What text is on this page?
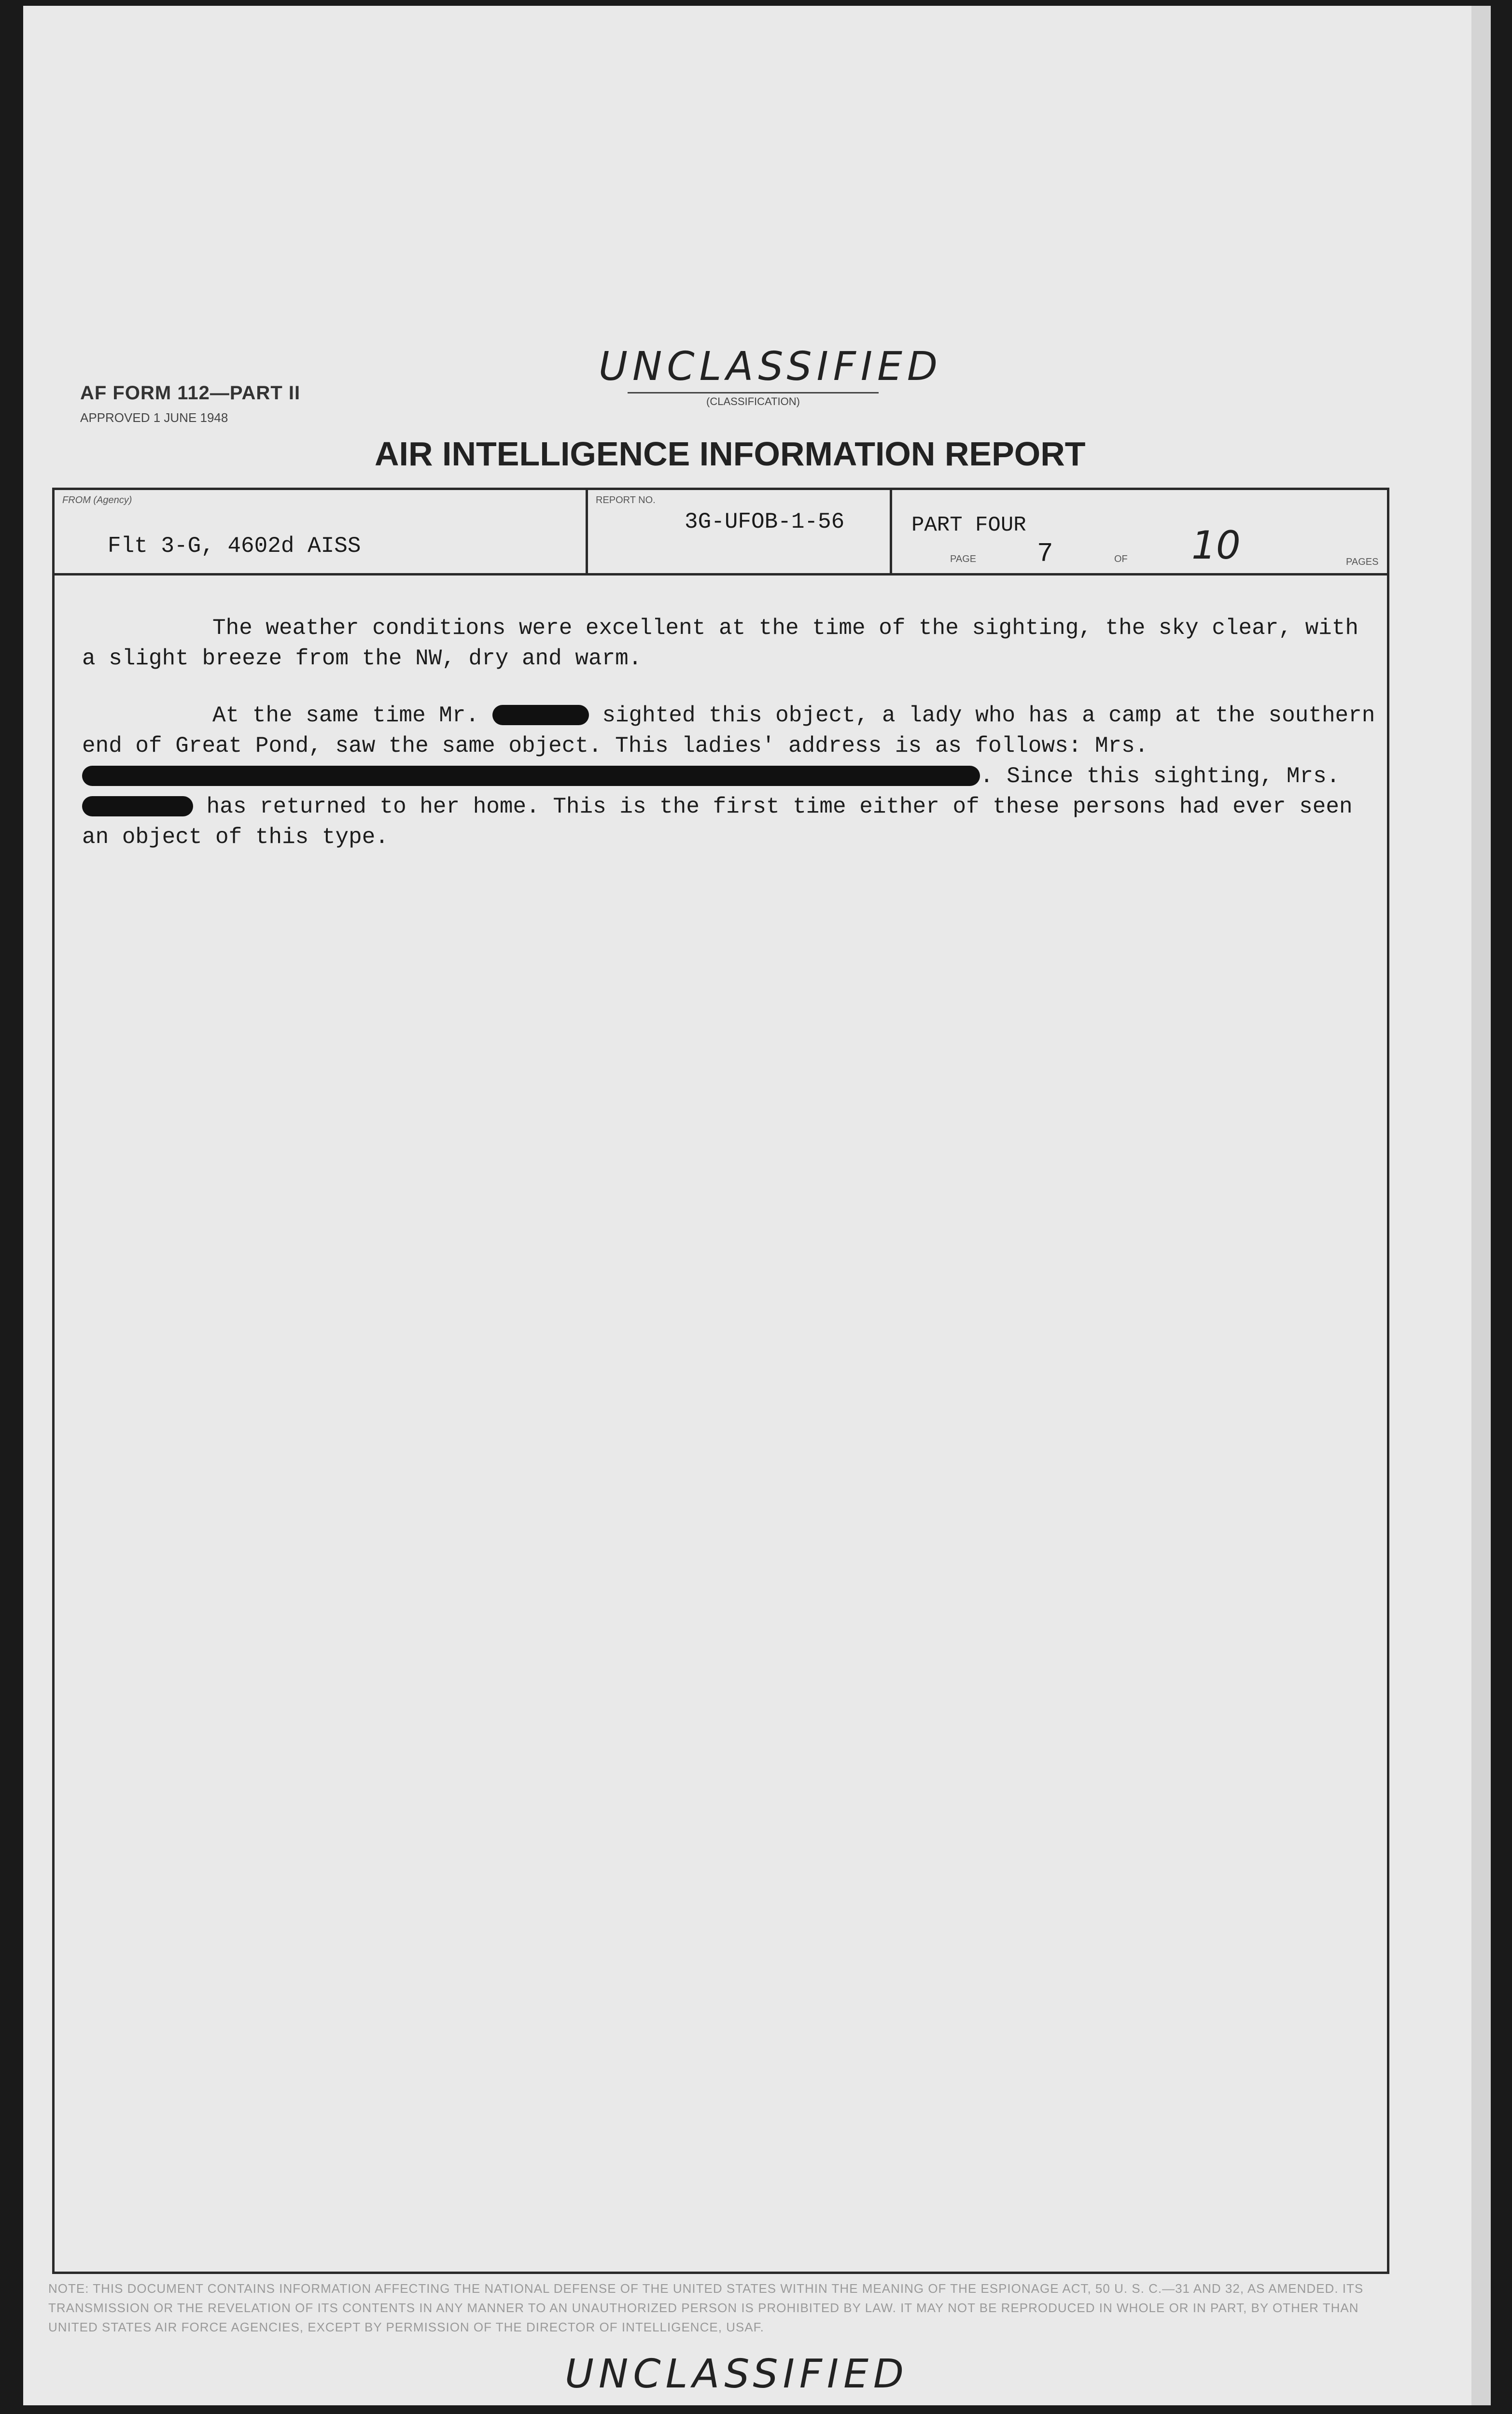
AF FORM 112—PART II
APPROVED 1 JUNE 1948
UNCLASSIFIED
(CLASSIFICATION)
AIR INTELLIGENCE INFORMATION REPORT
FROM (Agency)
Flt 3-G, 4602d AISS
REPORT NO.
3G-UFOB-1-56	PART FOUR
PAGE 7	OF 10	PAGES

The weather conditions were excellent at the time of the sighting, the sky clear, with a slight breeze from the NW, dry and warm.

At the same time Mr.	sighted this object, a lady who has a camp at the southern end of Great Pond, saw the same object. This ladies' address is as follows: Mrs. . Since this sighting, Mrs.  has returned to her home. This is the first time either of these persons had ever seen an object of this type.

NOTE: THIS DOCUMENT CONTAINS INFORMATION AFFECTING THE NATIONAL DEFENSE OF THE UNITED STATES WITHIN THE MEANING OF THE ESPIONAGE ACT, 50 U. S. C.—31 AND 32, AS AMENDED. ITS TRANSMISSION OR THE REVELATION OF ITS CONTENTS IN ANY MANNER TO AN UNAUTHORIZED PERSON IS PROHIBITED BY LAW. IT MAY NOT BE REPRODUCED IN WHOLE OR IN PART, BY OTHER THAN UNITED STATES AIR FORCE AGENCIES, EXCEPT BY PERMISSION OF THE DIRECTOR OF INTELLIGENCE, USAF.
UNCLASSIFIED
